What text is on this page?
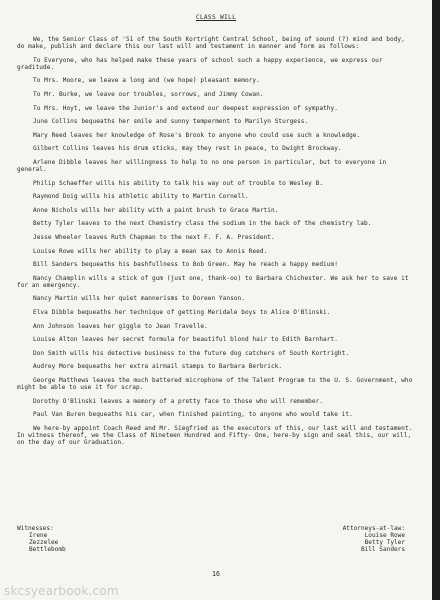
CLASS WILL

We, the Senior Class of '51 of the South Kortright Central School, being of sound (?) mind and body, do make, publish and declare this our last will and testament in manner and form as follows:

To Everyone, who has helped make these years of school such a happy experience, we express our graditude.

To Mrs. Moore, we leave a long and (we hope) pleasant memory.

To Mr. Burke, we leave our troubles, sorrows, and Jimmy Cowan.

To Mrs. Hoyt, we leave the Junior's and extend our deepest expression of sympathy.

June Collins bequeaths her smile and sunny temperment to Marilyn Sturgess.

Mary Reed leaves her knowledge of Rose's Brook to anyone who could use such a knowledge.

Gilbert Collins leaves his drum sticks, may they rest in peace, to Dwight Brockway.

Arlene Dibble leaves her willingness to help to no one person in particular, but to everyone in general.

Philip Schaeffer wills his ability to talk his way out of trouble to Wesley B.

Raymond Doig wills his athletic ability to Martin Cornell.

Anne Nichols wills her ability with a paint brush to Grace Martin.

Betty Tyler leaves to the next Chemistry class the sodium in the back of the chemistry lab.

Jesse Wheeler leaves Ruth Chapman to the next F. F. A. President.

Louise Rowe wills her ability to play a mean sax to Annis Reed.

Bill Sanders bequeaths his bashfullness to Bob Green. May he reach a happy medium!

Nancy Champlin wills a stick of gum (just one, thank-oo) to Barbara Chichester. We ask her to save it for an emergency.

Nancy Martin wills her quiet mannerisms to Doreen Yanson.

Elva Dibble bequeaths her technique of getting Meridale boys to Alice O'Blinski.

Ann Johnson leaves her giggle to Jean Travelle.

Louise Alton leaves her secret formula for beautiful blond hair to Edith Barnhart.

Don Smith wills his detective business to the future dog catchers of South Kortright.

Audrey More bequeaths her extra airmail stamps to Barbara Berbrick.

George Matthews leaves the much battered microphone of the Talent Program to the U. S. Government, who might be able to use it for scrap.

Dorothy O'Blinski leaves a memory of a pretty face to those who will remember.

Paul Van Buren bequeaths his car, when finished painting, to anyone who would take it.

We here-by appoint Coach Reed and Mr. Siegfried as the executors of this, our last will and testament. In witness thereof, we the Class of Nineteen Hundred and Fifty- One, here-by sign and seal this, our will, on the day of our Graduation.

Witnesses:
Irene
Zezzelee
Bettlebomb
Attorneys-at-law:
Louise Rowe
Betty Tyler
Bill Sanders
16
skcsyearbook.com
